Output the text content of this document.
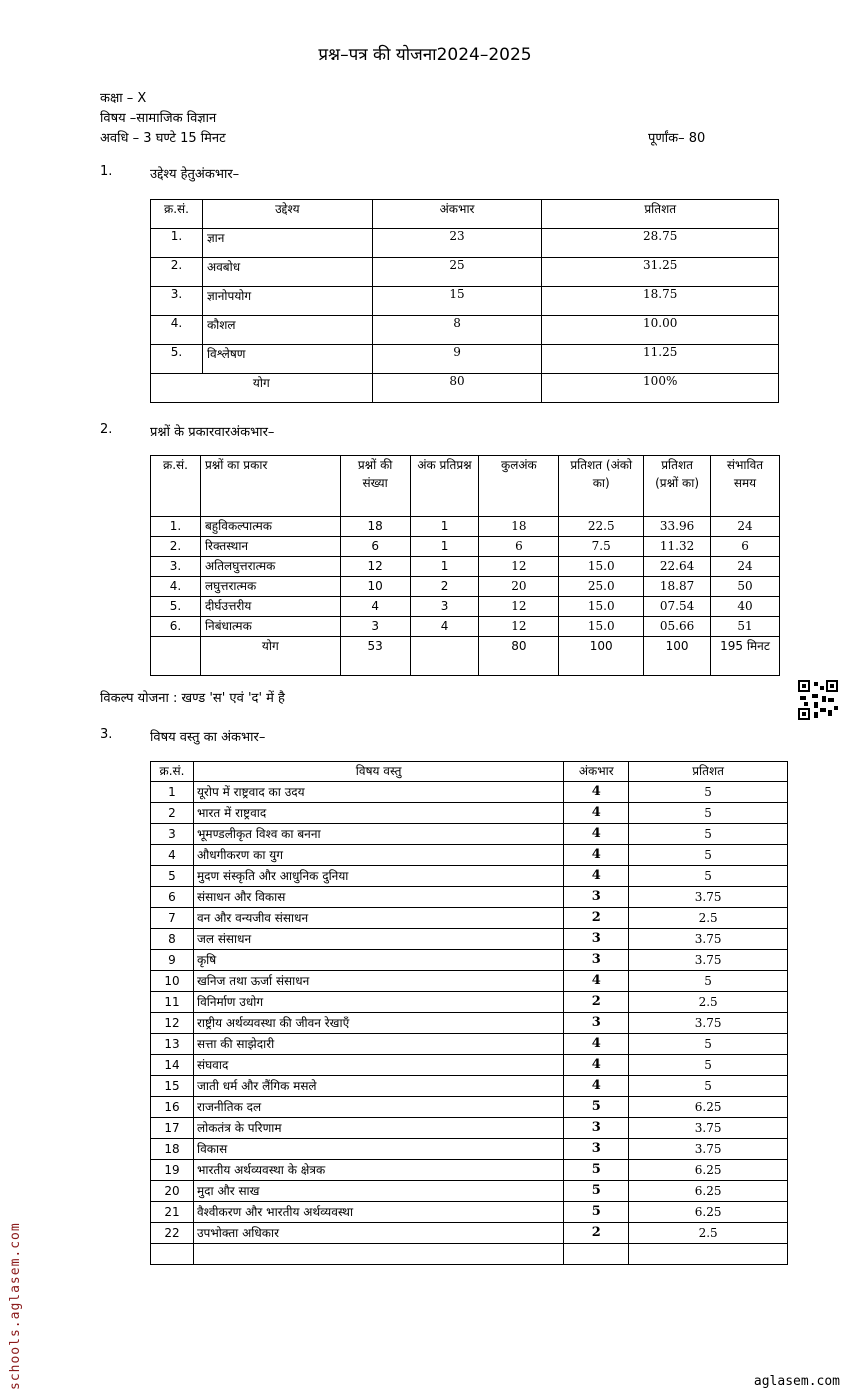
प्रश्न–पत्र की योजना2024–2025
कक्षा – X
विषय –सामाजिक विज्ञान
अवधि – 3 घण्टे 15 मिनट	पूर्णांक– 80
1.	उद्देश्य हेतुअंकभार–
क्र.सं.	उद्देश्य	अंकभार	प्रतिशत
1.	ज्ञान	23	28.75
2.	अवबोध	25	31.25
3.	ज्ञानोपयोग	15	18.75
4.	कौशल	8	10.00
5.	विश्लेषण	9	11.25
योग		80	100%
2.	प्रश्नों के प्रकारवारअंकभार–
क्र.सं.	प्रश्नों का प्रकार	प्रश्नों की संख्या	अंक प्रतिप्रश्न	कुलअंक	प्रतिशत (अंको का)	प्रतिशत (प्रश्नों का)	संभावित समय
1.	बहुविकल्पात्मक	18	1	18	22.5	33.96	24
2.	रिक्तस्थान	6	1	6	7.5	11.32	6
3.	अतिलघुत्तरात्मक	12	1	12	15.0	22.64	24
4.	लघुत्तरात्मक	10	2	20	25.0	18.87	50
5.	दीर्घउत्तरीय	4	3	12	15.0	07.54	40
6.	निबंधात्मक	3	4	12	15.0	05.66	51
	योग	53		80	100	100	195 मिनट
विकल्प योजना : खण्ड 'स' एवं 'द' में है
3.	विषय वस्तु का अंकभार–
क्र.सं.	विषय वस्तु	अंकभार	प्रतिशत
1	यूरोप में राष्ट्रवाद का उदय	4	5
2	भारत में राष्ट्रवाद	4	5
3	भूमण्डलीकृत विश्व का बनना	4	5
4	औधगीकरण का युग	4	5
5	मुदण संस्कृति और आधुनिक दुनिया	4	5
6	संसाधन और विकास	3	3.75
7	वन और वन्यजीव संसाधन	2	2.5
8	जल संसाधन	3	3.75
9	कृषि	3	3.75
10	खनिज तथा ऊर्जा संसाधन	4	5
11	विनिर्माण उधोग	2	2.5
12	राष्ट्रीय अर्थव्यवस्था की जीवन रेखाएँ	3	3.75
13	सत्ता की साझेदारी	4	5
14	संघवाद	4	5
15	जाती धर्म और लैंगिक मसले	4	5
16	राजनीतिक दल	5	6.25
17	लोकतंत्र के परिणाम	3	3.75
18	विकास	3	3.75
19	भारतीय अर्थव्यवस्था के क्षेत्रक	5	6.25
20	मुदा और साख	5	6.25
21	वैश्वीकरण और भारतीय अर्थव्यवस्था	5	6.25
22	उपभोक्ता अधिकार	2	2.5

schools.aglasem.com	aglasem.com
